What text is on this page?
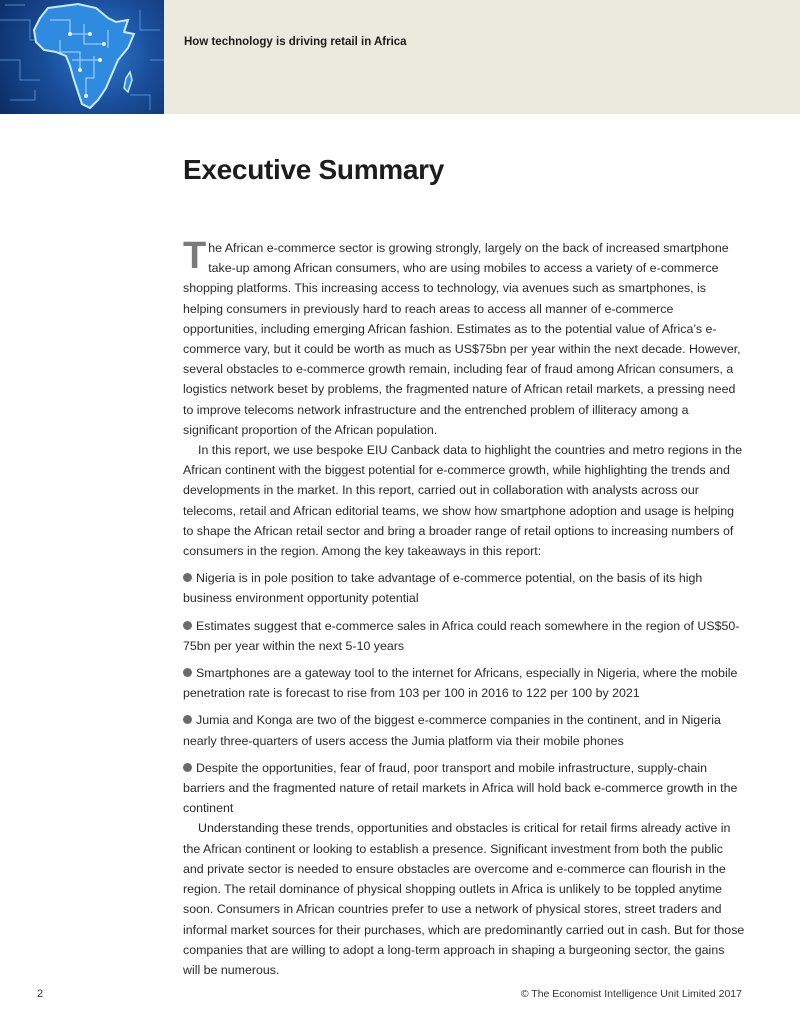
How technology is driving retail in Africa
Executive Summary

The African e-commerce sector is growing strongly, largely on the back of increased smartphone take-up among African consumers, who are using mobiles to access a variety of e-commerce shopping platforms. This increasing access to technology, via avenues such as smartphones, is helping consumers in previously hard to reach areas to access all manner of e-commerce opportunities, including emerging African fashion. Estimates as to the potential value of Africa’s e-commerce vary, but it could be worth as much as US$75bn per year within the next decade. However, several obstacles to e-commerce growth remain, including fear of fraud among African consumers, a logistics network beset by problems, the fragmented nature of African retail markets, a pressing need to improve telecoms network infrastructure and the entrenched problem of illiteracy among a significant proportion of the African population.

In this report, we use bespoke EIU Canback data to highlight the countries and metro regions in the African continent with the biggest potential for e-commerce growth, while highlighting the trends and developments in the market. In this report, carried out in collaboration with analysts across our telecoms, retail and African editorial teams, we show how smartphone adoption and usage is helping to shape the African retail sector and bring a broader range of retail options to increasing numbers of consumers in the region. Among the key takeaways in this report:

Nigeria is in pole position to take advantage of e-commerce potential, on the basis of its high business environment opportunity potential

Estimates suggest that e-commerce sales in Africa could reach somewhere in the region of US$50-75bn per year within the next 5-10 years

Smartphones are a gateway tool to the internet for Africans, especially in Nigeria, where the mobile penetration rate is forecast to rise from 103 per 100 in 2016 to 122 per 100 by 2021

Jumia and Konga are two of the biggest e-commerce companies in the continent, and in Nigeria nearly three-quarters of users access the Jumia platform via their mobile phones

Despite the opportunities, fear of fraud, poor transport and mobile infrastructure, supply-chain barriers and the fragmented nature of retail markets in Africa will hold back e-commerce growth in the continent

Understanding these trends, opportunities and obstacles is critical for retail firms already active in the African continent or looking to establish a presence. Significant investment from both the public and private sector is needed to ensure obstacles are overcome and e-commerce can flourish in the region. The retail dominance of physical shopping outlets in Africa is unlikely to be toppled anytime soon. Consumers in African countries prefer to use a network of physical stores, street traders and informal market sources for their purchases, which are predominantly carried out in cash. But for those companies that are willing to adopt a long-term approach in shaping a burgeoning sector, the gains will be numerous.

2	© The Economist Intelligence Unit Limited 2017
